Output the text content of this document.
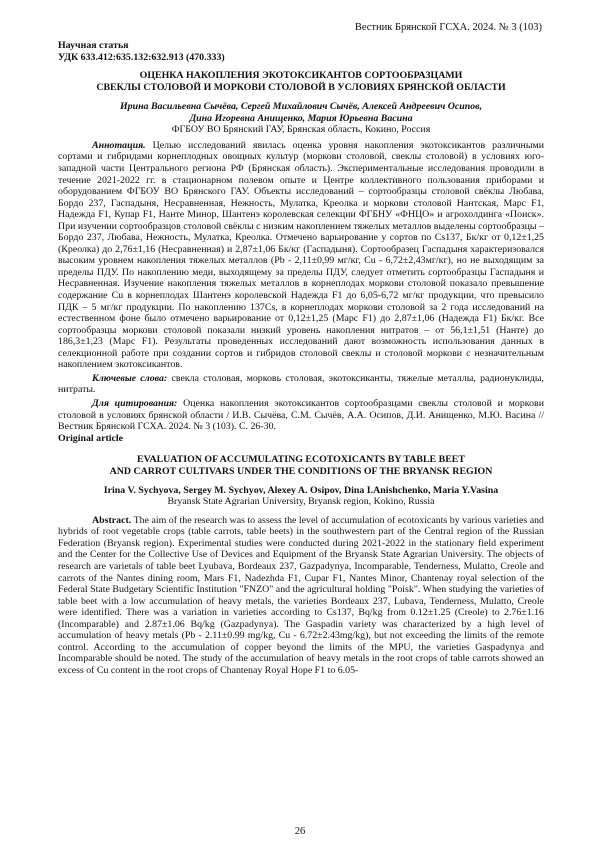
Вестник Брянской ГСХА. 2024. № 3 (103)
Научная статья
УДК 633.412:635.132:632.913 (470.333)
ОЦЕНКА НАКОПЛЕНИЯ ЭКОТОКСИКАНТОВ СОРТООБРАЗЦАМИ
СВЕКЛЫ СТОЛОВОЙ И МОРКОВИ СТОЛОВОЙ В УСЛОВИЯХ БРЯНСКОЙ ОБЛАСТИ
Ирина Васильевна Сычёва, Сергей Михайлович Сычёв, Алексей Андреевич Осипов,
Дина Игоревна Анищенко, Мария Юрьевна Васина
ФГБОУ ВО Брянский ГАУ, Брянская область, Кокино, Россия
Аннотация. Целью исследований явилась оценка уровня накопления экотоксикантов различными сортами и гибридами корнеплодных овощных культур (моркови столовой, свеклы столовой) в условиях юго-западной части Центрального региона РФ (Брянская область). Экспериментальные исследования проводили в течение 2021-2022 гг. в стационарном полевом опыте и Центре коллективного пользования приборами и оборудованием ФГБОУ ВО Брянского ГАУ. Объекты исследований – сортообразцы столовой свёклы Любава, Бордо 237, Гаспадыня, Несравненная, Нежность, Мулатка, Креолка и моркови столовой Нантская, Марс F1, Надежда F1, Купар F1, Нанте Минор, Шантенэ королевская селекции ФГБНУ «ФНЦО» и агрохолдинга «Поиск». При изучении сортообразцов столовой свёклы с низким накоплением тяжелых металлов выделены сортообразцы – Бордо 237, Любава, Нежность, Мулатка, Креолка. Отмечено варьирование у сортов по Cs137, Бк/кг от 0,12±1,25 (Креолка) до 2,76±1,16 (Несравненная) и 2,87±1,06 Бк/кг (Гаспадыня). Сортообразец Гаспадыня характеризовался высоким уровнем накопления тяжелых металлов (Pb - 2,11±0,99 мг/кг, Cu - 6,72±2,43мг/кг), но не выходящим за пределы ПДУ. По накоплению меди, выходящему за пределы ПДУ, следует отметить сортообразцы Гаспадыня и Несравненная. Изучение накопления тяжелых металлов в корнеплодах моркови столовой показало превышение содержание Cu в корнеплодах Шантенэ королевской Надежда F1 до 6,05-6,72 мг/кг продукции, что превысило ПДК – 5 мг/кг продукции. По накоплению 137Cs, в корнеплодах моркови столовой за 2 года исследований на естественном фоне было отмечено варьирование от 0,12±1,25 (Марс F1) до 2,87±1,06 (Надежда F1) Бк/кг. Все сортообразцы моркови столовой показали низкий уровень накопления нитратов – от 56,1±1,51 (Нанте) до 186,3±1,23 (Марс F1). Результаты проведенных исследований дают возможность использования данных в селекционной работе при создании сортов и гибридов столовой свеклы и столовой моркови с незначительным накоплением экотоксикантов.
Ключевые слова: свекла столовая, морковь столовая, экотоксиканты, тяжелые металлы, радионуклиды, нитраты.
Для цитирования: Оценка накопления экотоксикантов сортообразцами свеклы столовой и моркови столовой в условиях брянской области / И.В. Сычёва, С.М. Сычёв, А.А. Осипов, Д.И. Анищенко, М.Ю. Васина // Вестник Брянской ГСХА. 2024. № 3 (103). С. 26-30.
Original article
EVALUATION OF ACCUMULATING ECOTOXICANTS BY TABLE BEET
AND CARROT CULTIVARS UNDER THE CONDITIONS OF THE BRYANSK REGION
Irina V. Sychyova, Sergey M. Sychyov, Alexey A. Osipov, Dina I.Anishchenko, Maria Y.Vasina
Bryansk State Agrarian University, Bryansk region, Kokino, Russia
Abstract. The aim of the research was to assess the level of accumulation of ecotoxicants by various varieties and hybrids of root vegetable crops (table carrots, table beets) in the southwestern part of the Central region of the Russian Federation (Bryansk region). Experimental studies were conducted during 2021-2022 in the stationary field experiment and the Center for the Collective Use of Devices and Equipment of the Bryansk State Agrarian University. The objects of research are varietals of table beet Lyubava, Bordeaux 237, Gazpadynya, Incomparable, Tenderness, Mulatto, Creole and carrots of the Nantes dining room, Mars F1, Nadezhda F1, Cupar F1, Nantes Minor, Chantenay royal selection of the Federal State Budgetary Scientific Institution "FNZO" and the agricultural holding "Poisk". When studying the varieties of table beet with a low accumulation of heavy metals, the varieties Bordeaux 237, Lubava, Tenderness, Mulatto, Creole were identified. There was a variation in varieties according to Cs137, Bq/kg from 0.12±1.25 (Creole) to 2.76±1.16 (Incomparable) and 2.87±1.06 Bq/kg (Gazpadynya). The Gaspadin variety was characterized by a high level of accumulation of heavy metals (Pb - 2.11±0.99 mg/kg, Cu - 6.72±2.43mg/kg), but not exceeding the limits of the remote control. According to the accumulation of copper beyond the limits of the MPU, the varieties Gaspadynya and Incomparable should be noted. The study of the accumulation of heavy metals in the root crops of table carrots showed an excess of Cu content in the root crops of Chantenay Royal Hope F1 to 6.05-
26
